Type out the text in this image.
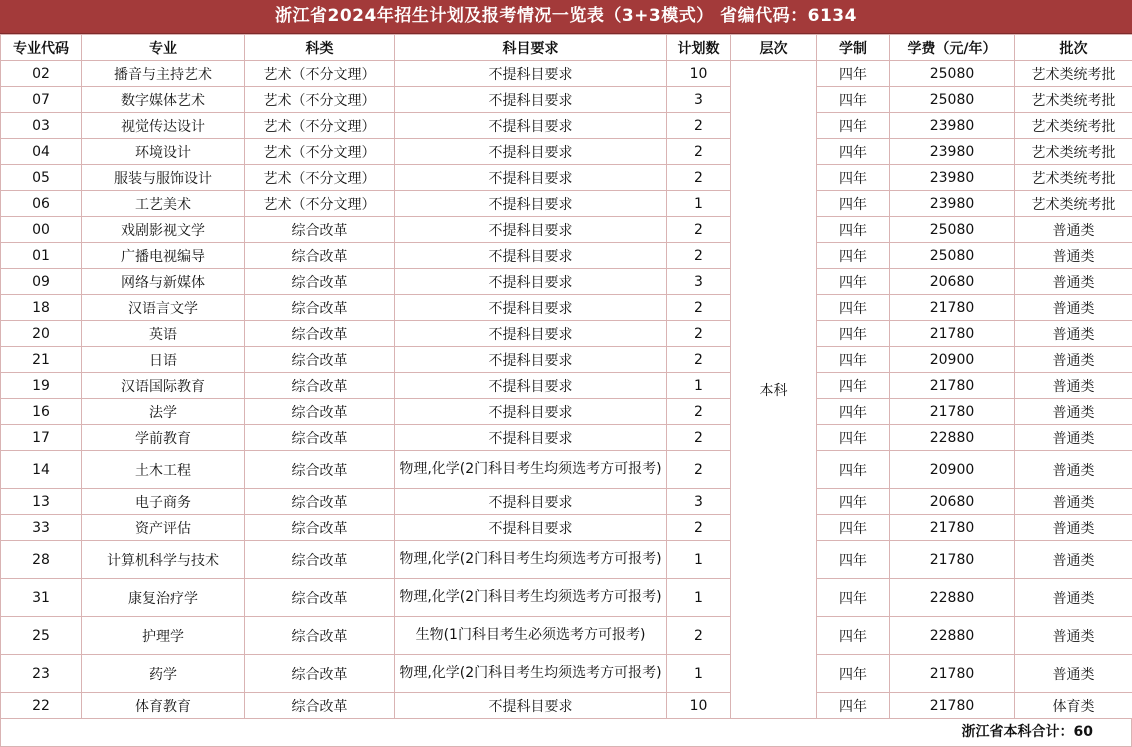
浙江省2024年招生计划及报考情况一览表（3+3模式） 省编代码：6134
专业代码	专业	科类	科目要求	计划数	层次	学制	学费（元/年）	批次
02	播音与主持艺术	艺术（不分文理）	不提科目要求	10	本科	四年	25080	艺术类统考批
07	数字媒体艺术	艺术（不分文理）	不提科目要求	3		四年	25080	艺术类统考批
03	视觉传达设计	艺术（不分文理）	不提科目要求	2		四年	23980	艺术类统考批
04	环境设计	艺术（不分文理）	不提科目要求	2		四年	23980	艺术类统考批
05	服装与服饰设计	艺术（不分文理）	不提科目要求	2		四年	23980	艺术类统考批
06	工艺美术	艺术（不分文理）	不提科目要求	1		四年	23980	艺术类统考批
00	戏剧影视文学	综合改革	不提科目要求	2		四年	25080	普通类
01	广播电视编导	综合改革	不提科目要求	2		四年	25080	普通类
09	网络与新媒体	综合改革	不提科目要求	3		四年	20680	普通类
18	汉语言文学	综合改革	不提科目要求	2		四年	21780	普通类
20	英语	综合改革	不提科目要求	2		四年	21780	普通类
21	日语	综合改革	不提科目要求	2		四年	20900	普通类
19	汉语国际教育	综合改革	不提科目要求	1		四年	21780	普通类
16	法学	综合改革	不提科目要求	2		四年	21780	普通类
17	学前教育	综合改革	不提科目要求	2		四年	22880	普通类
14	土木工程	综合改革	物理,化学(2门科目考生均须选考方可报考)	2		四年	20900	普通类
13	电子商务	综合改革	不提科目要求	3		四年	20680	普通类
33	资产评估	综合改革	不提科目要求	2		四年	21780	普通类
28	计算机科学与技术	综合改革	物理,化学(2门科目考生均须选考方可报考)	1		四年	21780	普通类
31	康复治疗学	综合改革	物理,化学(2门科目考生均须选考方可报考)	1		四年	22880	普通类
25	护理学	综合改革	生物(1门科目考生必须选考方可报考)	2		四年	22880	普通类
23	药学	综合改革	物理,化学(2门科目考生均须选考方可报考)	1		四年	21780	普通类
22	体育教育	综合改革	不提科目要求	10		四年	21780	体育类
浙江省本科合计：60
